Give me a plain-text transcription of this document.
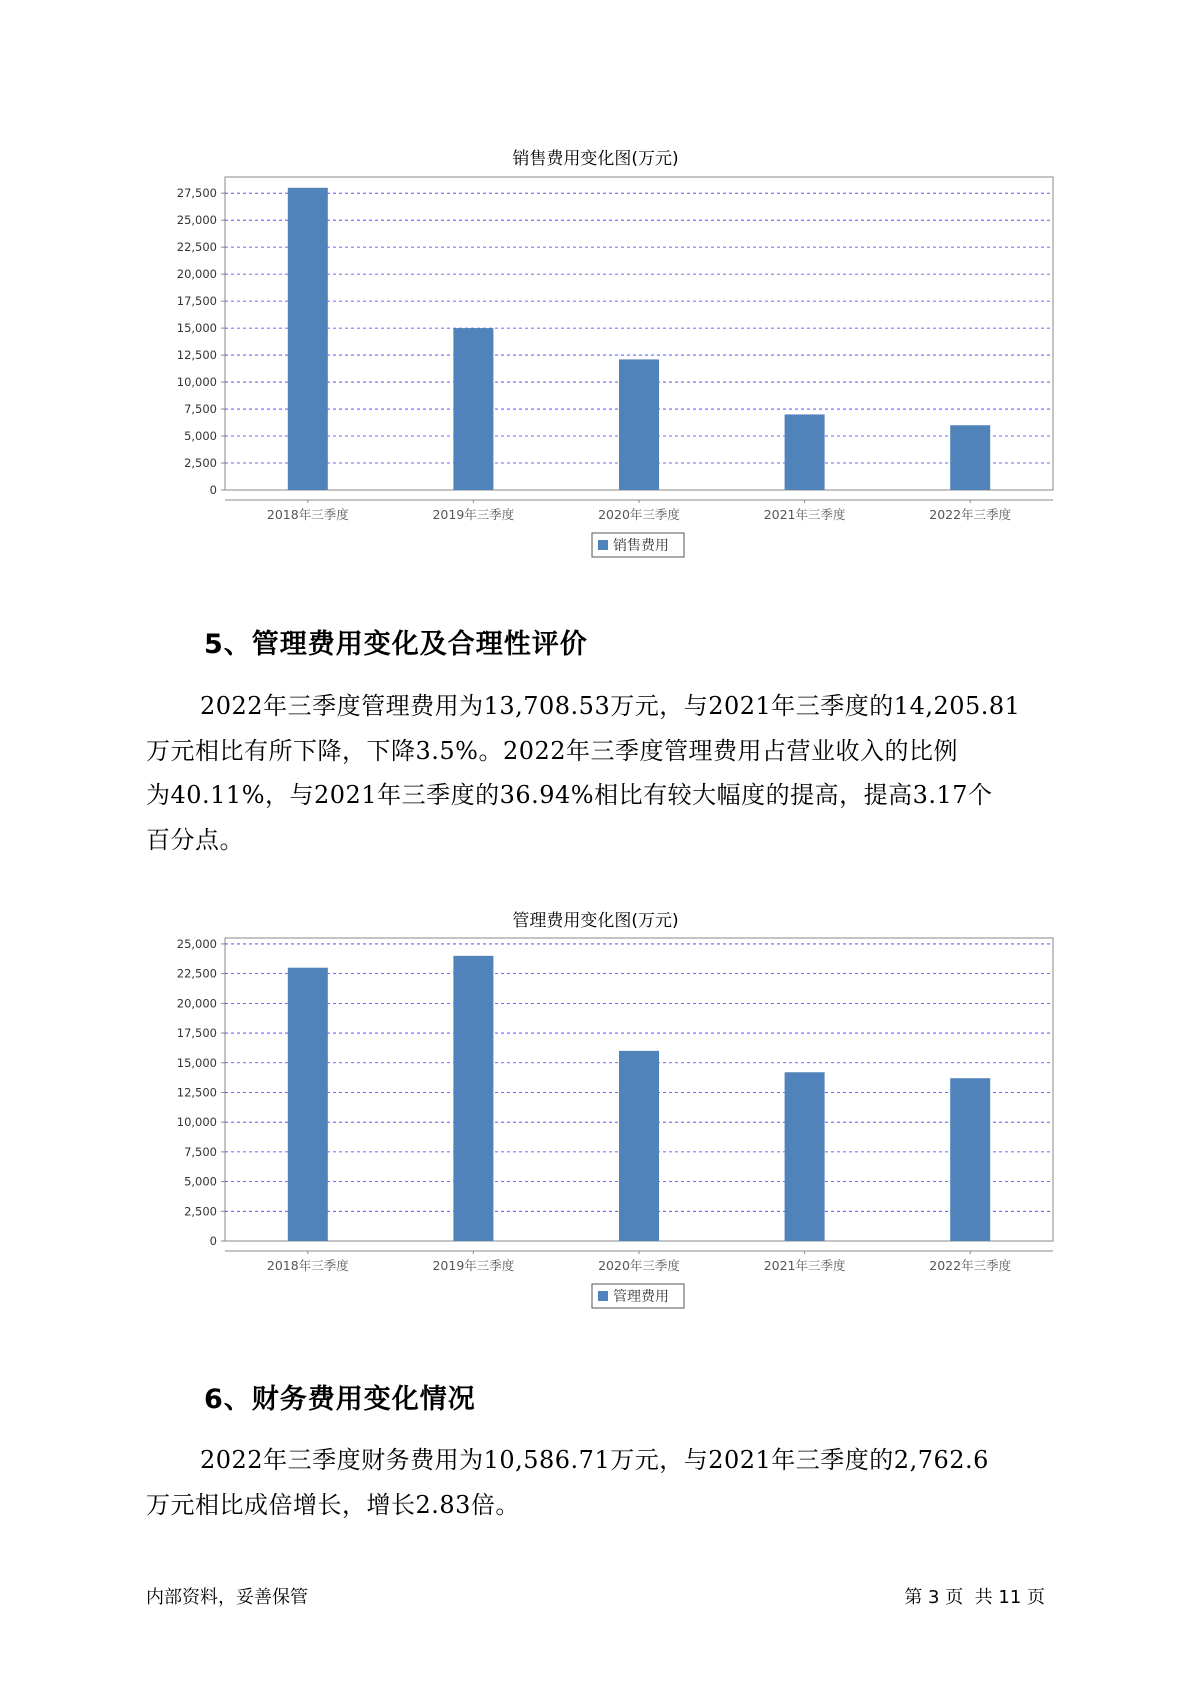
销售费用变化图(万元)
0
2,500
5,000
7,500
10,000
12,500
15,000
17,500
20,000
22,500
25,000
27,500
2018年三季度	2019年三季度	2020年三季度	2021年三季度	2022年三季度
销售费用
5、管理费用变化及合理性评价
2022年三季度管理费用为13,708.53万元，与2021年三季度的14,205.81
万元相比有所下降，下降3.5%。2022年三季度管理费用占营业收入的比例
为40.11%，与2021年三季度的36.94%相比有较大幅度的提高，提高3.17个
百分点。
管理费用变化图(万元)
0
2,500
5,000
7,500
10,000
12,500
15,000
17,500
20,000
22,500
25,000
2018年三季度	2019年三季度	2020年三季度	2021年三季度	2022年三季度
管理费用
6、财务费用变化情况
2022年三季度财务费用为10,586.71万元，与2021年三季度的2,762.6
万元相比成倍增长，增长2.83倍。
内部资料，妥善保管	第 3 页  共 11 页
